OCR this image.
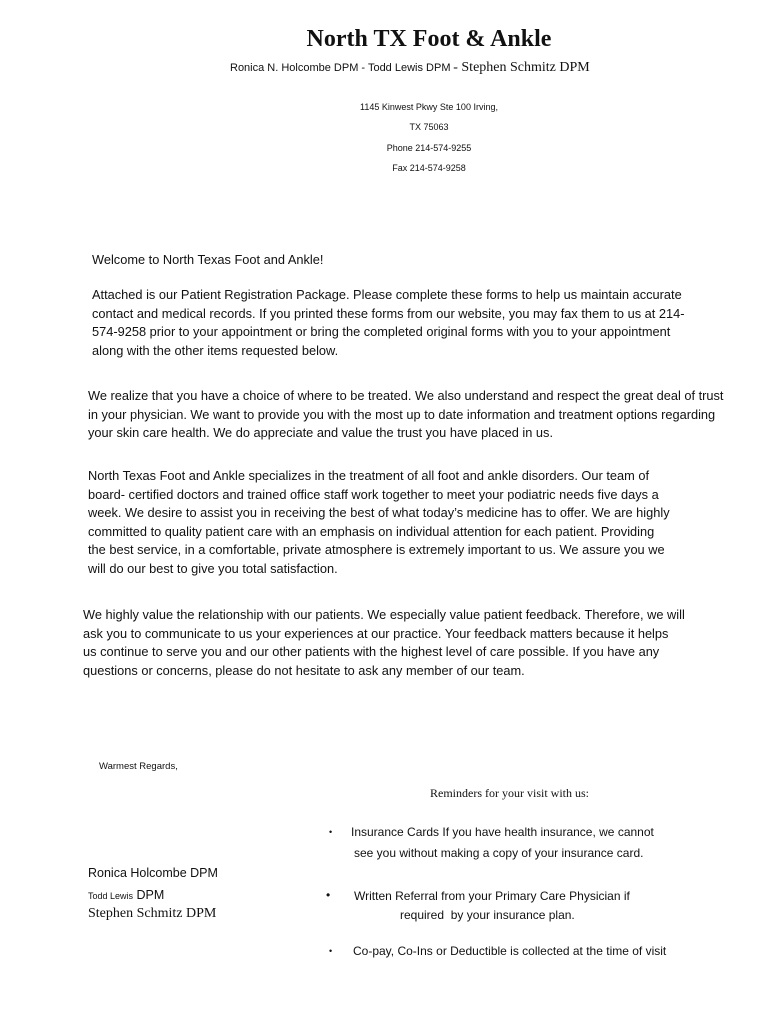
North TX Foot & Ankle
Ronica N. Holcombe DPM - Todd Lewis DPM - Stephen Schmitz DPM
1145 Kinwest Pkwy Ste 100 Irving,
TX 75063
Phone 214-574-9255
Fax 214-574-9258
Welcome to North Texas Foot and Ankle!
Attached is our Patient Registration Package. Please complete these forms to help us maintain accurate
contact and medical records. If you printed these forms from our website, you may fax them to us at 214-
574-9258 prior to your appointment or bring the completed original forms with you to your appointment
along with the other items requested below.
We realize that you have a choice of where to be treated. We also understand and respect the great deal of trust
in your physician. We want to provide you with the most up to date information and treatment options regarding
your skin care health. We do appreciate and value the trust you have placed in us.
North Texas Foot and Ankle specializes in the treatment of all foot and ankle disorders. Our team of
board- certified doctors and trained office staff work together to meet your podiatric needs five days a
week. We desire to assist you in receiving the best of what today’s medicine has to offer. We are highly
committed to quality patient care with an emphasis on individual attention for each patient. Providing
the best service, in a comfortable, private atmosphere is extremely important to us. We assure you we
will do our best to give you total satisfaction.
We highly value the relationship with our patients. We especially value patient feedback. Therefore, we will
ask you to communicate to us your experiences at our practice. Your feedback matters because it helps
us continue to serve you and our other patients with the highest level of care possible. If you have any
questions or concerns, please do not hesitate to ask any member of our team.
Warmest Regards,
Ronica Holcombe DPM
Todd Lewis DPM
Stephen Schmitz DPM
Reminders for your visit with us:
• Insurance Cards If you have health insurance, we cannot
see you without making a copy of your insurance card.
• Written Referral from your Primary Care Physician if
required  by your insurance plan.
• Co-pay, Co-Ins or Deductible is collected at the time of visit
